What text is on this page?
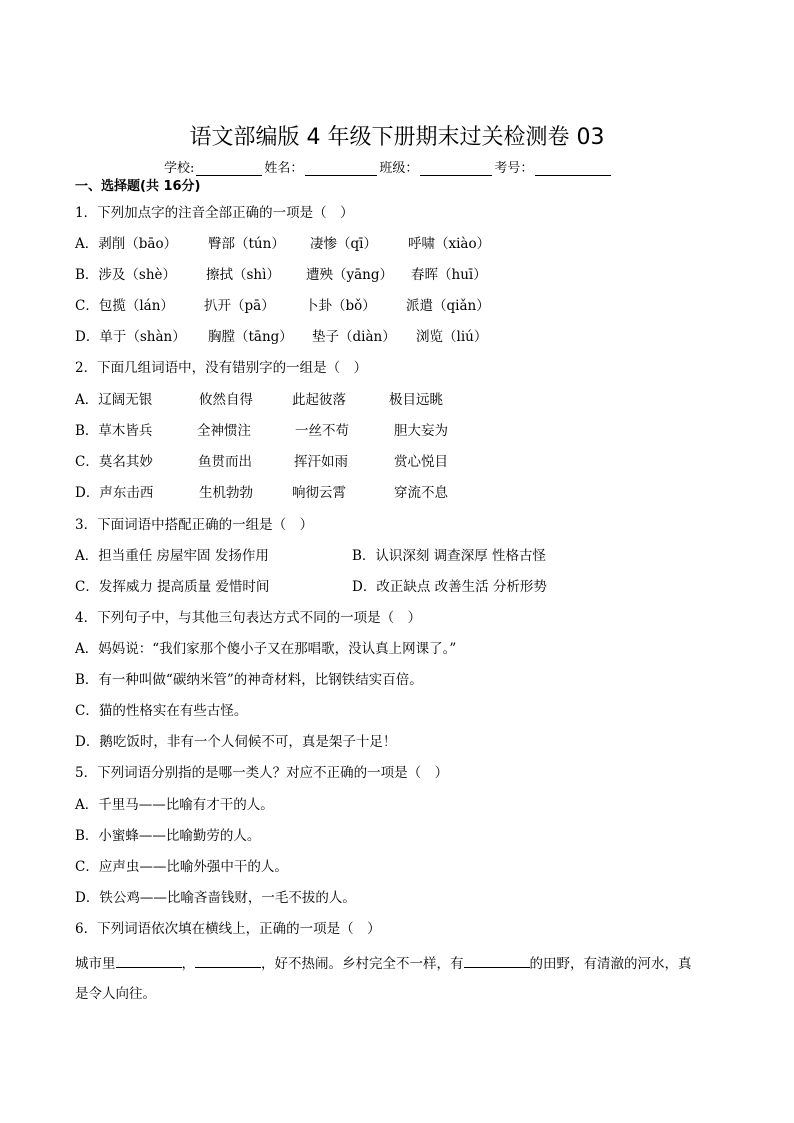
语文部编版 4 年级下册期末过关检测卷 03
学校:	姓名：	班级：	考号：
一、选择题(共 16分)
1．下列加点字的注音全部正确的一项是（　）
A．剥削（bāo） 臀部（tún） 凄惨（qī） 呼啸（xiào）
B．涉及（shè） 擦拭（shì） 遭殃（yāng） 春晖（huī）
C．包揽（lán） 扒开（pā） 卜卦（bǒ） 派遣（qiǎn）
D．单于（shàn） 胸膛（tāng） 垫子（diàn） 浏览（liú）
2．下面几组词语中，没有错别字的一组是（　）
A．辽阔无银	攸然自得	此起彼落	极目远眺
B．草木皆兵	全神惯注	一丝不苟	胆大妄为
C．莫名其妙	鱼贯而出	挥汗如雨	赏心悦目
D．声东击西	生机勃勃	响彻云霄	穿流不息
3．下面词语中搭配正确的一组是（　）
A．担当重任 房屋牢固 发扬作用	B．认识深刻 调查深厚 性格古怪
C．发挥威力 提高质量 爱惜时间	D．改正缺点 改善生活 分析形势
4．下列句子中，与其他三句表达方式不同的一项是（　）
A．妈妈说：“我们家那个傻小子又在那唱歌，没认真上网课了。”
B．有一种叫做“碳纳米管”的神奇材料，比钢铁结实百倍。
C．猫的性格实在有些古怪。
D．鹅吃饭时，非有一个人伺候不可，真是架子十足！
5．下列词语分别指的是哪一类人？对应不正确的一项是（　）
A．千里马——比喻有才干的人。
B．小蜜蜂——比喻勤劳的人。
C．应声虫——比喻外强中干的人。
D．铁公鸡——比喻吝啬钱财，一毛不拔的人。
6．下列词语依次填在横线上，正确的一项是（　）
城市里	，	，好不热闹。乡村完全不一样，有	的田野，有清澈的河水，真
是令人向往。
